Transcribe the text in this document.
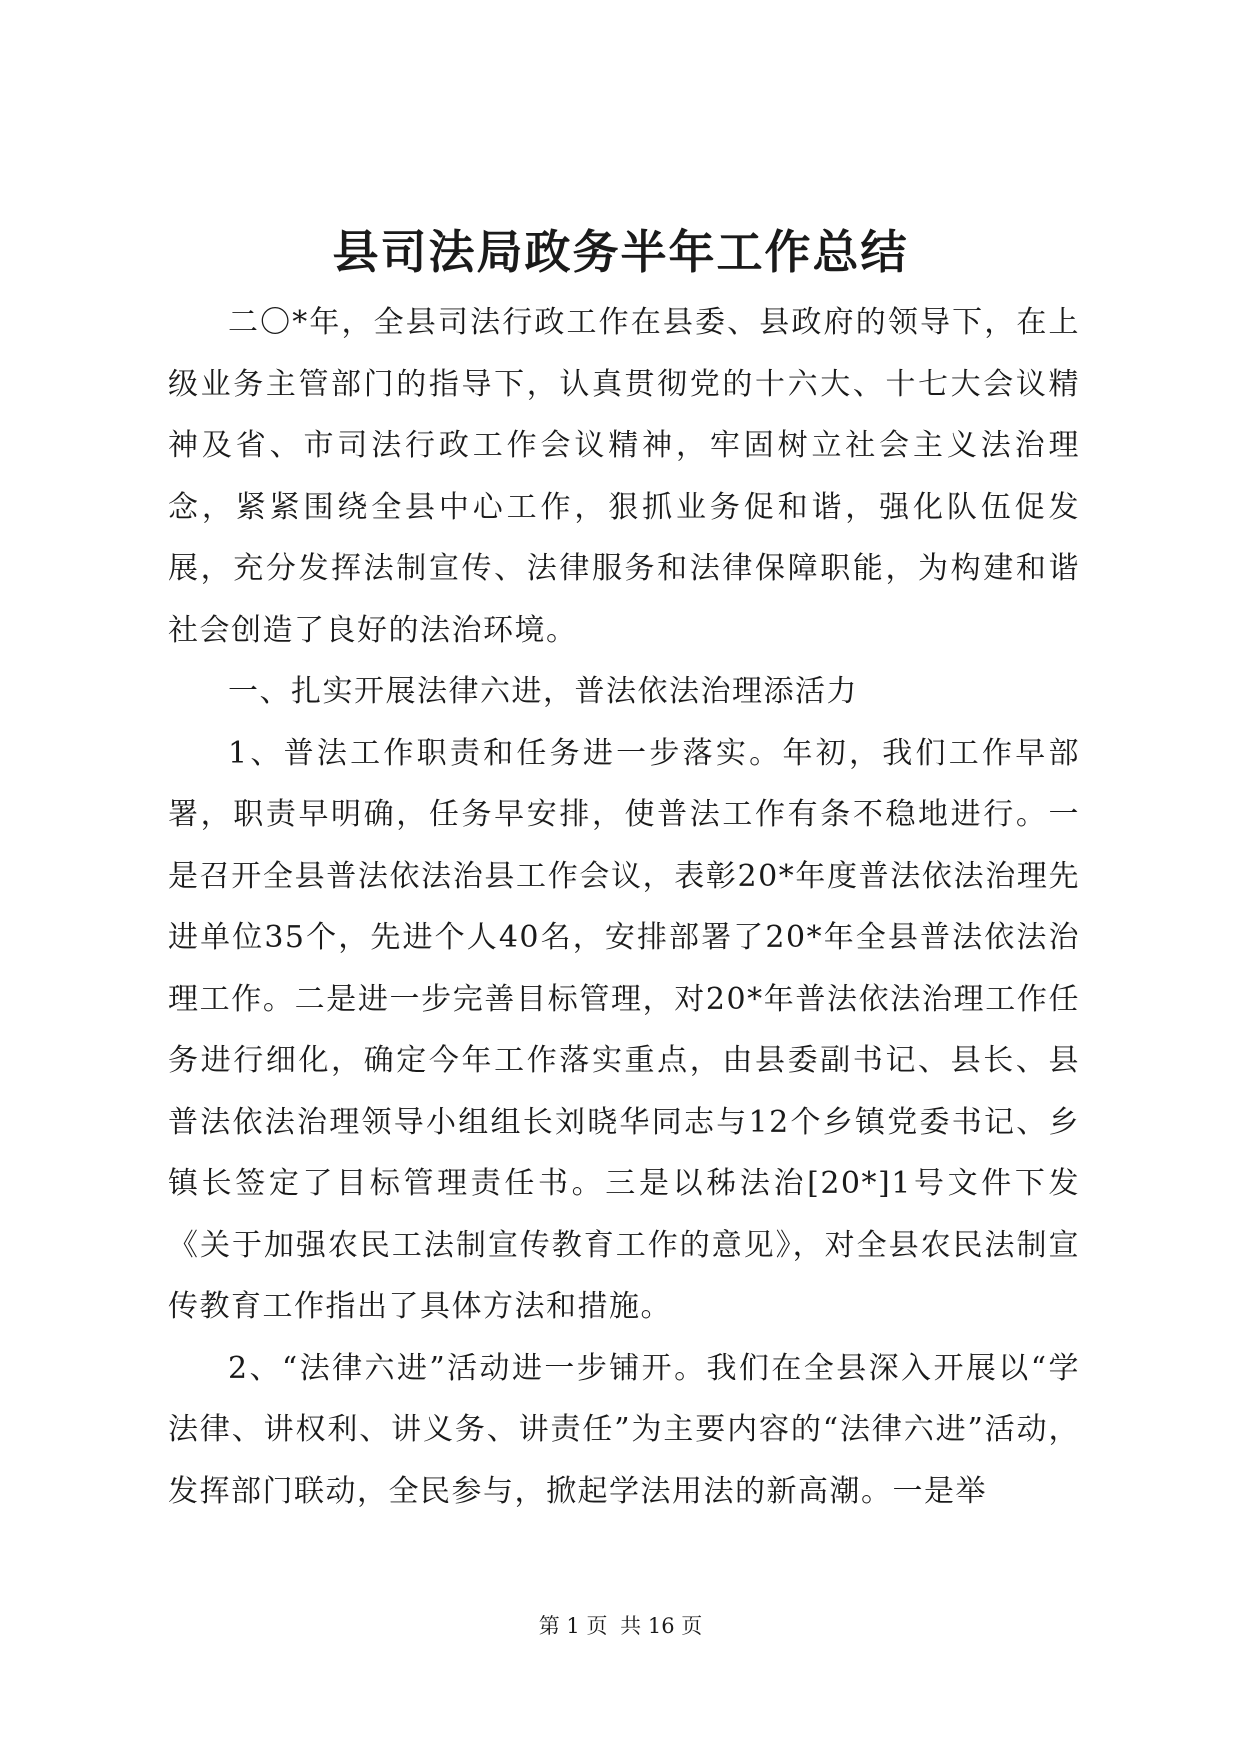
县司法局政务半年工作总结

二〇*年，全县司法行政工作在县委、县政府的领导下，在上级业务主管部门的指导下，认真贯彻党的十六大、十七大会议精神及省、市司法行政工作会议精神，牢固树立社会主义法治理念，紧紧围绕全县中心工作，狠抓业务促和谐，强化队伍促发展，充分发挥法制宣传、法律服务和法律保障职能，为构建和谐社会创造了良好的法治环境。

一、扎实开展法律六进，普法依法治理添活力

1、普法工作职责和任务进一步落实。年初，我们工作早部署，职责早明确，任务早安排，使普法工作有条不稳地进行。一是召开全县普法依法治县工作会议，表彰20*年度普法依法治理先进单位35个，先进个人40名，安排部署了20*年全县普法依法治理工作。二是进一步完善目标管理，对20*年普法依法治理工作任务进行细化，确定今年工作落实重点，由县委副书记、县长、县普法依法治理领导小组组长刘晓华同志与12个乡镇党委书记、乡镇长签定了目标管理责任书。三是以秭法治[20*]1号文件下发《关于加强农民工法制宣传教育工作的意见》，对全县农民法制宣传教育工作指出了具体方法和措施。

2、“法律六进”活动进一步铺开。我们在全县深入开展以“学法律、讲权利、讲义务、讲责任”为主要内容的“法律六进”活动，发挥部门联动，全民参与，掀起学法用法的新高潮。一是举

第 1 页 共 16 页
